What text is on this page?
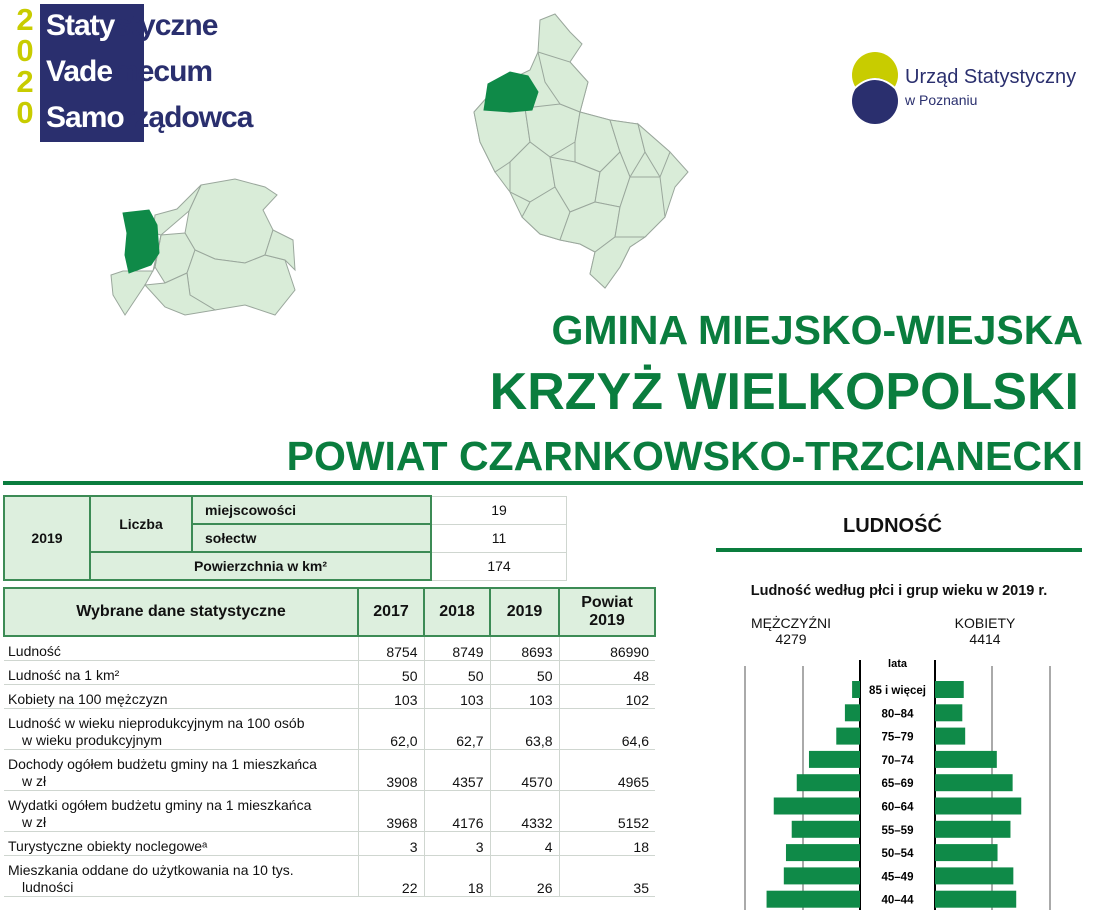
2
0
2
0
Statystyczne
Vademecum
Samorządowca
Urząd Statystyczny
w Poznaniu
GMINA MIEJSKO-WIEJSKA
KRZYŻ WIELKOPOLSKI
POWIAT CZARNKOWSKO-TRZCIANECKI
2019	Liczba	miejscowości	19
		sołectw	11
	Powierzchnia w km²		174
Wybrane dane statystyczne	2017	2018	2019	Powiat 2019
Ludność	8754	8749	8693	86990
Ludność na 1 km²	50	50	50	48
Kobiety na 100 mężczyzn	103	103	103	102

Ludność w wieku nieprodukcyjnym na 100 osób
w wieku produkcyjnym	62,0	62,7	63,8	64,6

Dochody ogółem budżetu gminy na 1 mieszkańca
w zł	3908	4357	4570	4965

Wydatki ogółem budżetu gminy na 1 mieszkańca
w zł	3968	4176	4332	5152
Turystyczne obiekty noclegoweᵃ	3	3	4	18

Mieszkania oddane do użytkowania na 10 tys.
ludności	22	18	26	35
LUDNOŚĆ
Ludność według płci i grup wieku w 2019 r.
MĘŻCZYŹNI
4279
KOBIETY
4414
lata
85 i więcej
80–84
75–79
70–74
65–69
60–64
55–59
50–54
45–49
40–44
